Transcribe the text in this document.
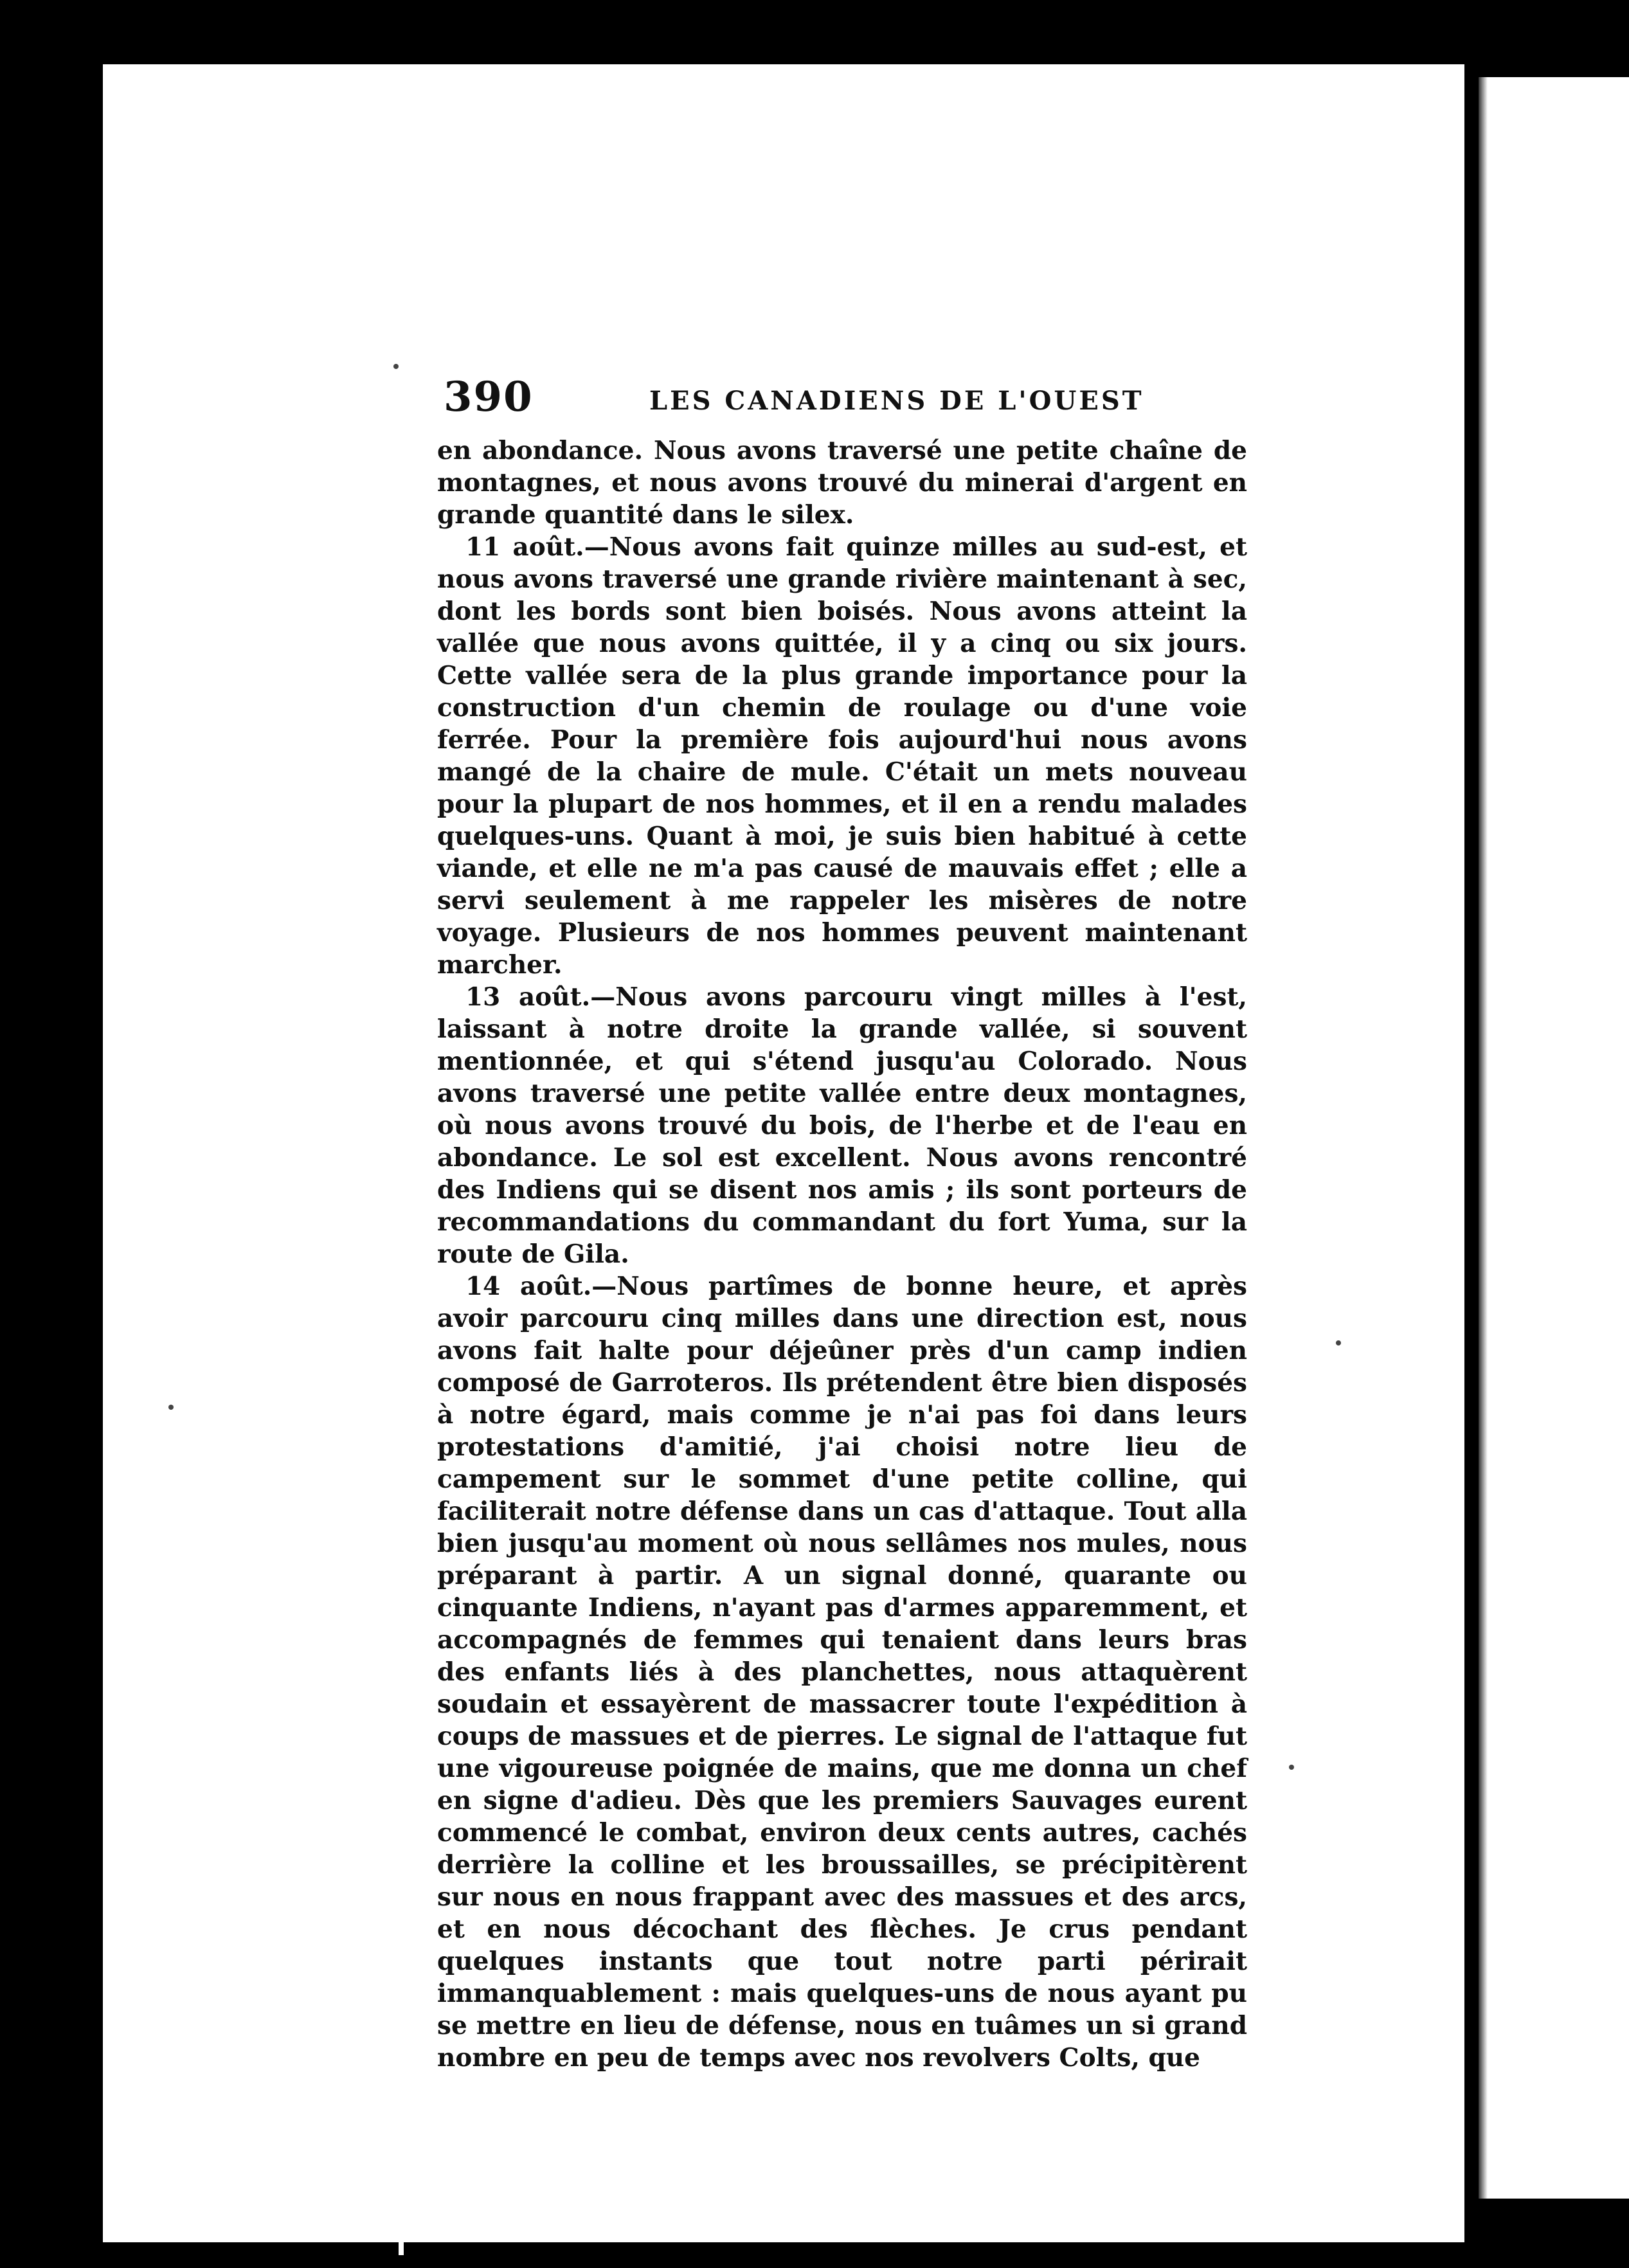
390	LES CANADIENS DE L'OUEST

en abondance. Nous avons traversé une petite chaîne de montagnes, et nous avons trouvé du minerai d'argent en grande quantité dans le silex.

11 août.—Nous avons fait quinze milles au sud-est, et nous avons traversé une grande rivière maintenant à sec, dont les bords sont bien boisés. Nous avons atteint la vallée que nous avons quittée, il y a cinq ou six jours. Cette vallée sera de la plus grande importance pour la construction d'un chemin de roulage ou d'une voie ferrée. Pour la première fois aujourd'hui nous avons mangé de la chaire de mule. C'était un mets nouveau pour la plupart de nos hommes, et il en a rendu malades quelques-uns. Quant à moi, je suis bien habitué à cette viande, et elle ne m'a pas causé de mauvais effet ; elle a servi seulement à me rappeler les misères de notre voyage. Plusieurs de nos hommes peuvent maintenant marcher.

13 août.—Nous avons parcouru vingt milles à l'est, laissant à notre droite la grande vallée, si souvent mentionnée, et qui s'étend jusqu'au Colorado. Nous avons traversé une petite vallée entre deux montagnes, où nous avons trouvé du bois, de l'herbe et de l'eau en abondance. Le sol est excellent. Nous avons rencontré des Indiens qui se disent nos amis ; ils sont porteurs de recommandations du commandant du fort Yuma, sur la route de Gila.

14 août.—Nous partîmes de bonne heure, et après avoir parcouru cinq milles dans une direction est, nous avons fait halte pour déjeûner près d'un camp indien composé de Garroteros. Ils prétendent être bien disposés à notre égard, mais comme je n'ai pas foi dans leurs protestations d'amitié, j'ai choisi notre lieu de campement sur le sommet d'une petite colline, qui faciliterait notre défense dans un cas d'attaque. Tout alla bien jusqu'au moment où nous sellâmes nos mules, nous préparant à partir. A un signal donné, quarante ou cinquante Indiens, n'ayant pas d'armes apparemment, et accompagnés de femmes qui tenaient dans leurs bras des enfants liés à des planchettes, nous attaquèrent soudain et essayèrent de massacrer toute l'expédition à coups de massues et de pierres. Le signal de l'attaque fut une vigoureuse poignée de mains, que me donna un chef en signe d'adieu. Dès que les premiers Sauvages eurent commencé le combat, environ deux cents autres, cachés derrière la colline et les broussailles, se précipitèrent sur nous en nous frappant avec des massues et des arcs, et en nous décochant des flèches. Je crus pendant quelques instants que tout notre parti périrait immanquablement : mais quelques-uns de nous ayant pu se mettre en lieu de défense, nous en tuâmes un si grand nombre en peu de temps avec nos revolvers Colts, que
